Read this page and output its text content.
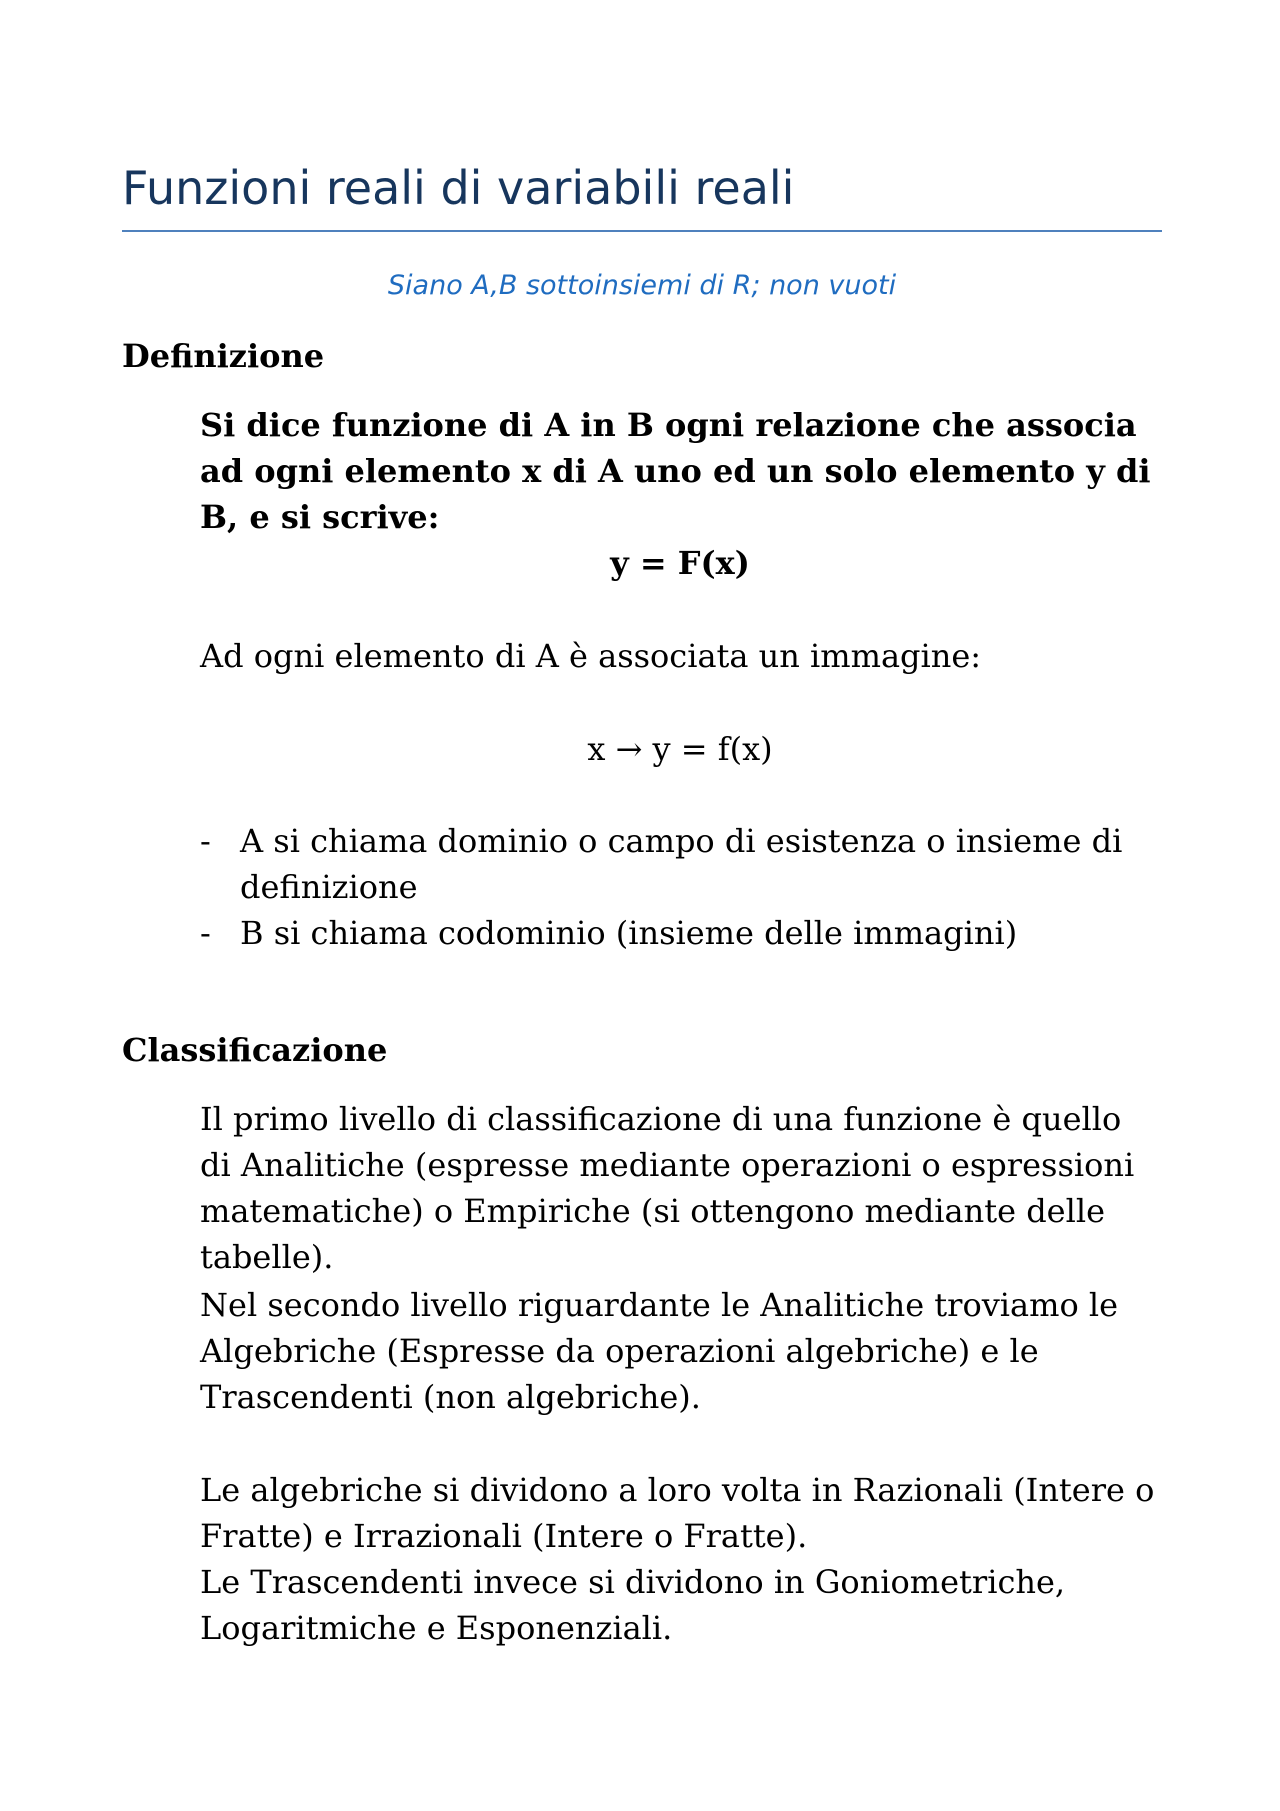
Funzioni reali di variabili reali
Siano A,B sottoinsiemi di R; non vuoti
Definizione
Si dice funzione di A in B ogni relazione che associa ad ogni elemento x di A uno ed un solo elemento y di B, e si scrive:
y = F(x)
Ad ogni elemento di A è associata un immagine:
x → y = f(x)
- A si chiama dominio o campo di esistenza o insieme di definizione
- B si chiama codominio (insieme delle immagini)
Classificazione
Il primo livello di classificazione di una funzione è quello di Analitiche (espresse mediante operazioni o espressioni matematiche) o Empiriche (si ottengono mediante delle tabelle).
Nel secondo livello riguardante le Analitiche troviamo le Algebriche (Espresse da operazioni algebriche) e le Trascendenti (non algebriche).
Le algebriche si dividono a loro volta in Razionali (Intere o Fratte) e Irrazionali (Intere o Fratte).
Le Trascendenti invece si dividono in Goniometriche, Logaritmiche e Esponenziali.
